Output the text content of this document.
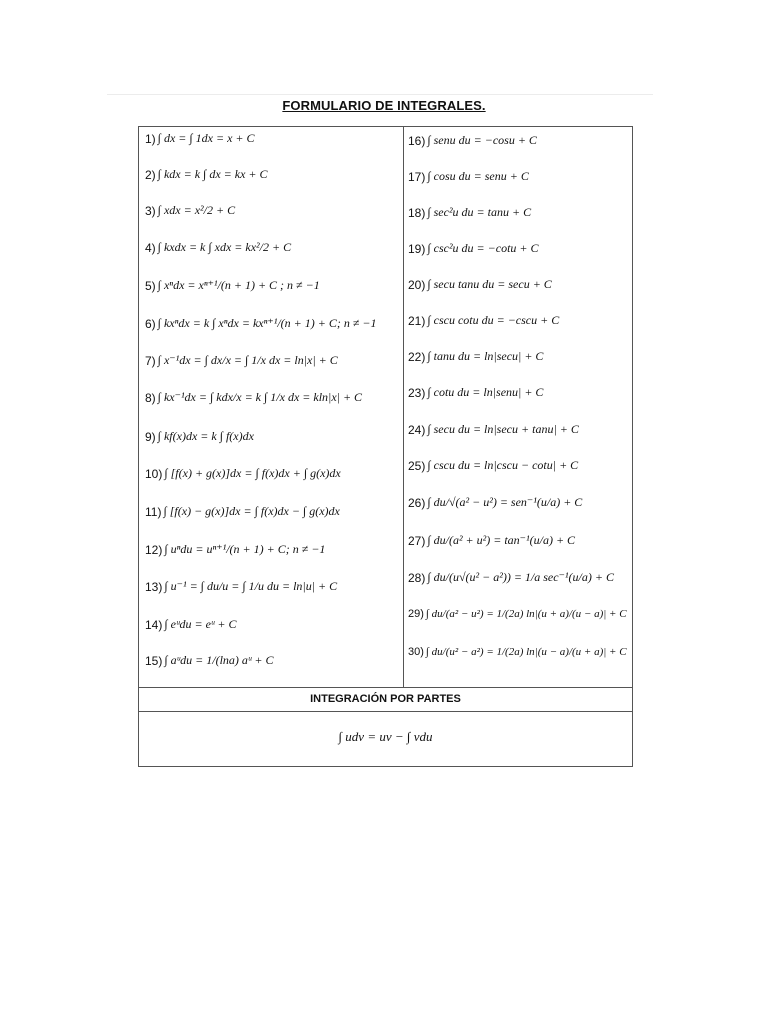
FORMULARIO DE INTEGRALES.
1) ∫ dx = ∫ 1dx = x + C
2) ∫ kdx = k ∫ dx = kx + C
3) ∫ xdx = x²/2 + C
4) ∫ kxdx = k ∫ xdx = kx²/2 + C
5) ∫ xⁿdx = xⁿ⁺¹/(n + 1) + C ; n ≠ −1
6) ∫ kxⁿdx = k ∫ xⁿdx = kxⁿ⁺¹/(n + 1) + C; n ≠ −1
7) ∫ x⁻¹dx = ∫ dx/x = ∫ 1/x dx = ln|x| + C
8) ∫ kx⁻¹dx = ∫ kdx/x = k ∫ 1/x dx = kln|x| + C
9) ∫ kf(x)dx = k ∫ f(x)dx
10) ∫ [f(x) + g(x)]dx = ∫ f(x)dx + ∫ g(x)dx
11) ∫ [f(x) − g(x)]dx = ∫ f(x)dx − ∫ g(x)dx
12) ∫ uⁿdu = uⁿ⁺¹/(n + 1) + C; n ≠ −1
13) ∫ u⁻¹ = ∫ du/u = ∫ 1/u du = ln|u| + C
14) ∫ eᵘdu = eᵘ + C
15) ∫ aᵘdu = 1/(lna) aᵘ + C
16) ∫ senu du = −cosu + C
17) ∫ cosu du = senu + C
18) ∫ sec²u du = tanu + C
19) ∫ csc²u du = −cotu + C
20) ∫ secu tanu du = secu + C
21) ∫ cscu cotu du = −cscu + C
22) ∫ tanu du = ln|secu| + C
23) ∫ cotu du = ln|senu| + C
24) ∫ secu du = ln|secu + tanu| + C
25) ∫ cscu du = ln|cscu − cotu| + C
26) ∫ du/√(a² − u²) = sen⁻¹(u/a) + C
27) ∫ du/(a² + u²) = tan⁻¹(u/a) + C
28) ∫ du/(u√(u² − a²)) = 1/a sec⁻¹(u/a) + C
29) ∫ du/(a² − u²) = 1/(2a) ln|(u + a)/(u − a)| + C
30) ∫ du/(u² − a²) = 1/(2a) ln|(u − a)/(u + a)| + C
INTEGRACIÓN POR PARTES
∫ udv = uv − ∫ vdu
